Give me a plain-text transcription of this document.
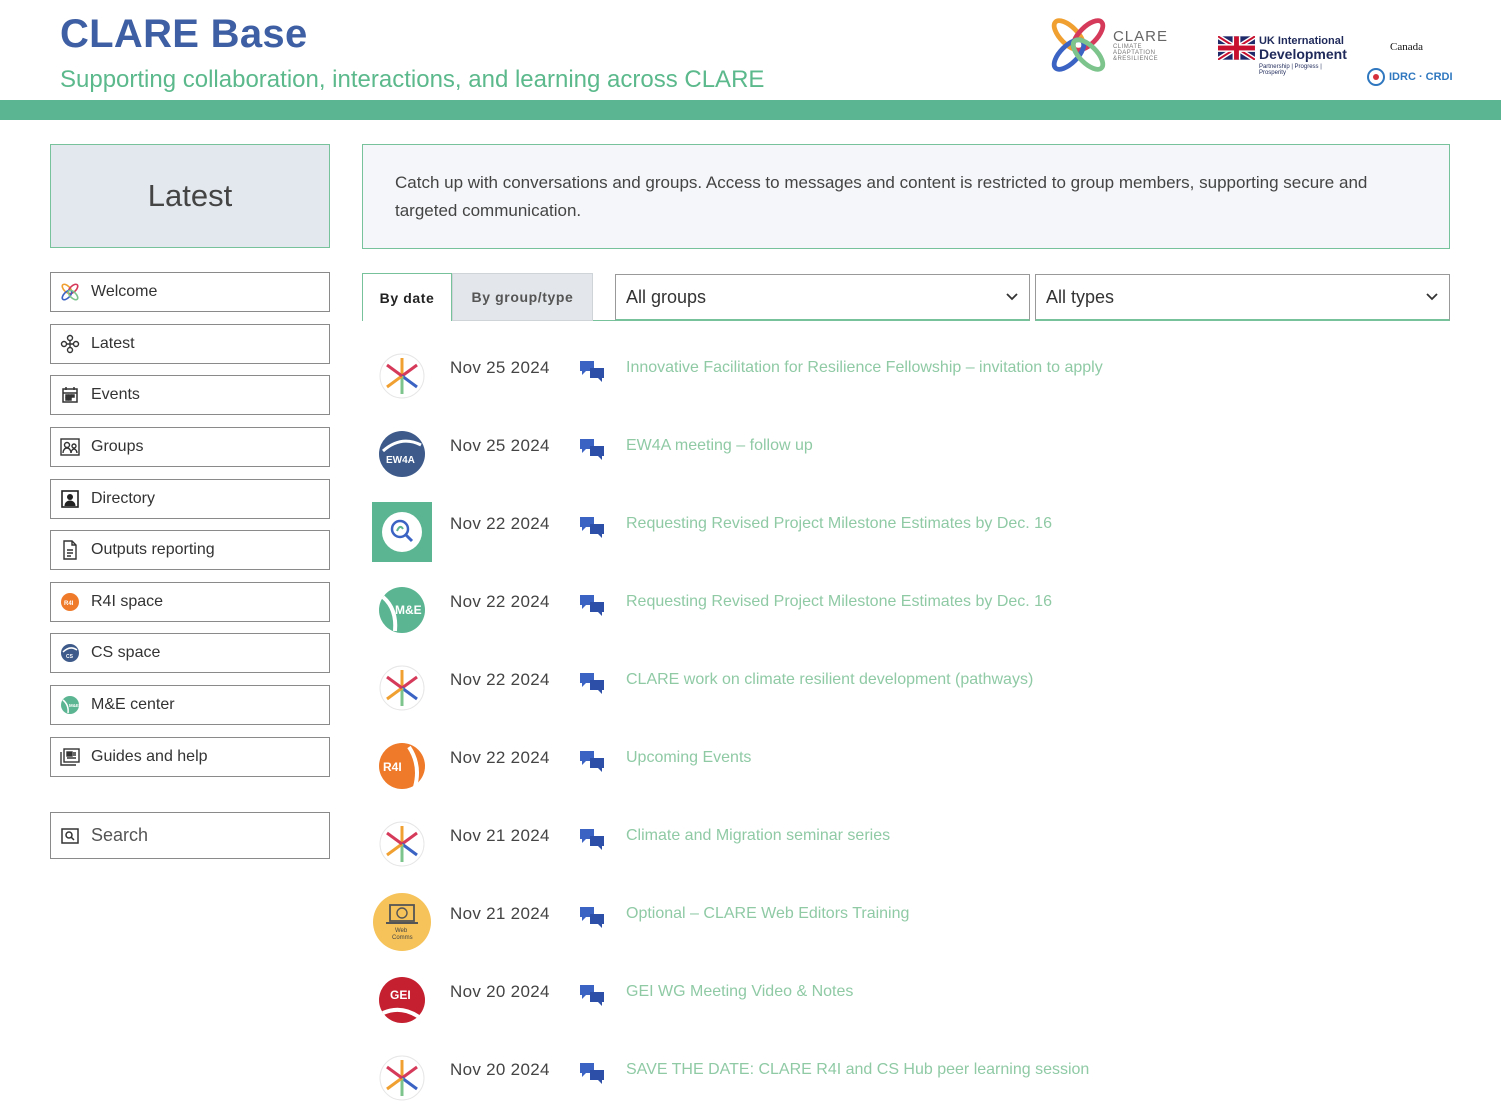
CLARE Base
Supporting collaboration, interactions, and learning across CLARE
CLARE
CLIMATE
ADAPTATION
&RESILIENCE
UK International
Development
Partnership | Progress | Prosperity	IDRC · CRDI
Canada
Latest
Welcome
Latest
Events
Groups
Directory
Outputs reporting
R4I R4I space
CS CS space
M&E M&E center
Guides and help
Search
Catch up with conversations and groups. Access to messages and content is restricted to group members, supporting secure and targeted communication.
By date	By group/type	All groups	All types
Nov 25 2024	Innovative Facilitation for Resilience Fellowship – invitation to apply
EW4A
Nov 25 2024	EW4A meeting – follow up
Nov 22 2024	Requesting Revised Project Milestone Estimates by Dec. 16
M&E Nov 22 2024	Requesting Revised Project Milestone Estimates by Dec. 16
Nov 22 2024	CLARE work on climate resilient development (pathways)
R4I	Nov 22 2024	Upcoming Events
Nov 21 2024	Climate and Migration seminar series
Web
Comms
Nov 21 2024	Optional – CLARE Web Editors Training
GEI Nov 20 2024	GEI WG Meeting Video & Notes
Nov 20 2024	SAVE THE DATE: CLARE R4I and CS Hub peer learning session
